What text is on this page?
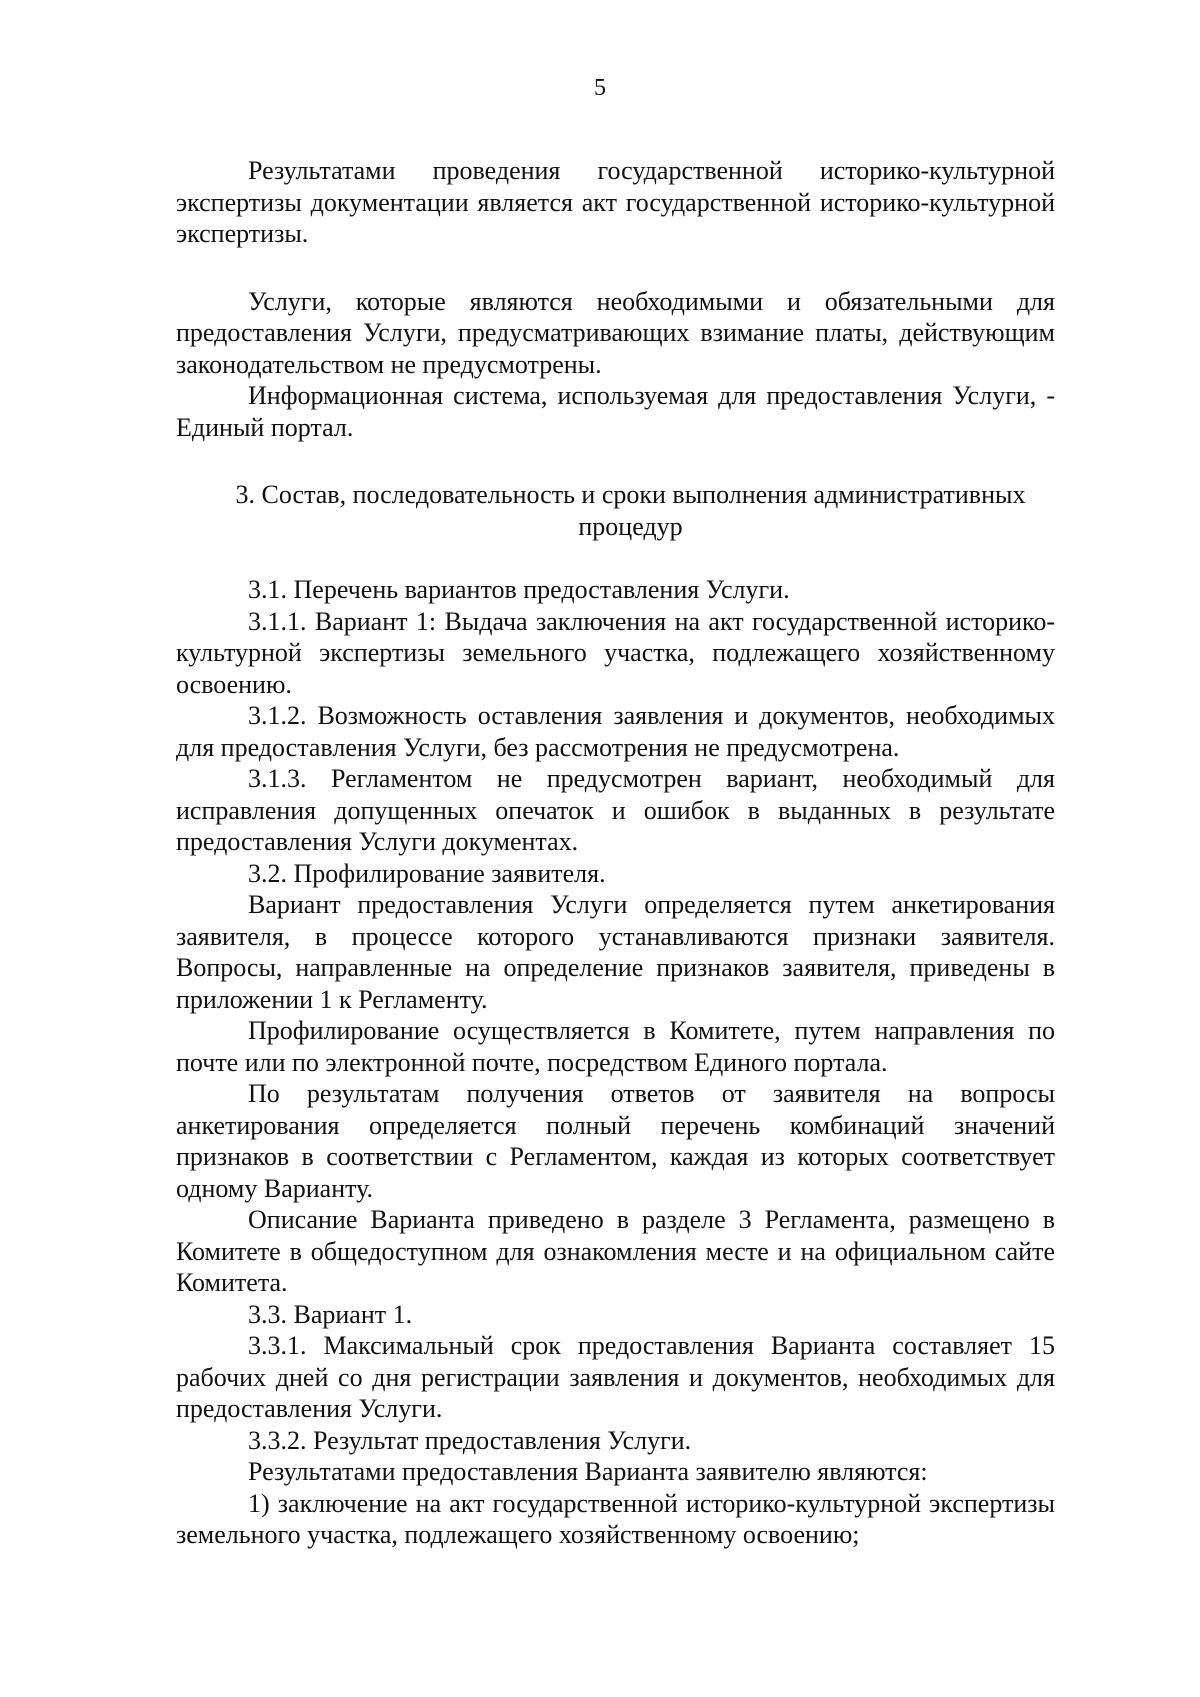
5

Результатами проведения государственной историко-культурной экспертизы документации является акт государственной историко-культурной экспертизы.

Услуги, которые являются необходимыми и обязательными для предоставления Услуги, предусматривающих взимание платы, действующим законодательством не предусмотрены.

Информационная система, используемая для предоставления Услуги, - Единый портал.

3. Состав, последовательность и сроки выполнения административных процедур

3.1. Перечень вариантов предоставления Услуги.

3.1.1. Вариант 1: Выдача заключения на акт государственной историко-культурной экспертизы земельного участка, подлежащего хозяйственному освоению.

3.1.2. Возможность оставления заявления и документов, необходимых для предоставления Услуги, без рассмотрения не предусмотрена.

3.1.3. Регламентом не предусмотрен вариант, необходимый для исправления допущенных опечаток и ошибок в выданных в результате предоставления Услуги документах.

3.2. Профилирование заявителя.

Вариант предоставления Услуги определяется путем анкетирования заявителя, в процессе которого устанавливаются признаки заявителя. Вопросы, направленные на определение признаков заявителя, приведены в приложении 1 к Регламенту.

Профилирование осуществляется в Комитете, путем направления по почте или по электронной почте, посредством Единого портала.

По результатам получения ответов от заявителя на вопросы анкетирования определяется полный перечень комбинаций значений признаков в соответствии с Регламентом, каждая из которых соответствует одному Варианту.

Описание Варианта приведено в разделе 3 Регламента, размещено в Комитете в общедоступном для ознакомления месте и на официальном сайте Комитета.

3.3. Вариант 1.

3.3.1. Максимальный срок предоставления Варианта составляет 15 рабочих дней со дня регистрации заявления и документов, необходимых для предоставления Услуги.

3.3.2. Результат предоставления Услуги.

Результатами предоставления Варианта заявителю являются:

1) заключение на акт государственной историко-культурной экспертизы земельного участка, подлежащего хозяйственному освоению;
